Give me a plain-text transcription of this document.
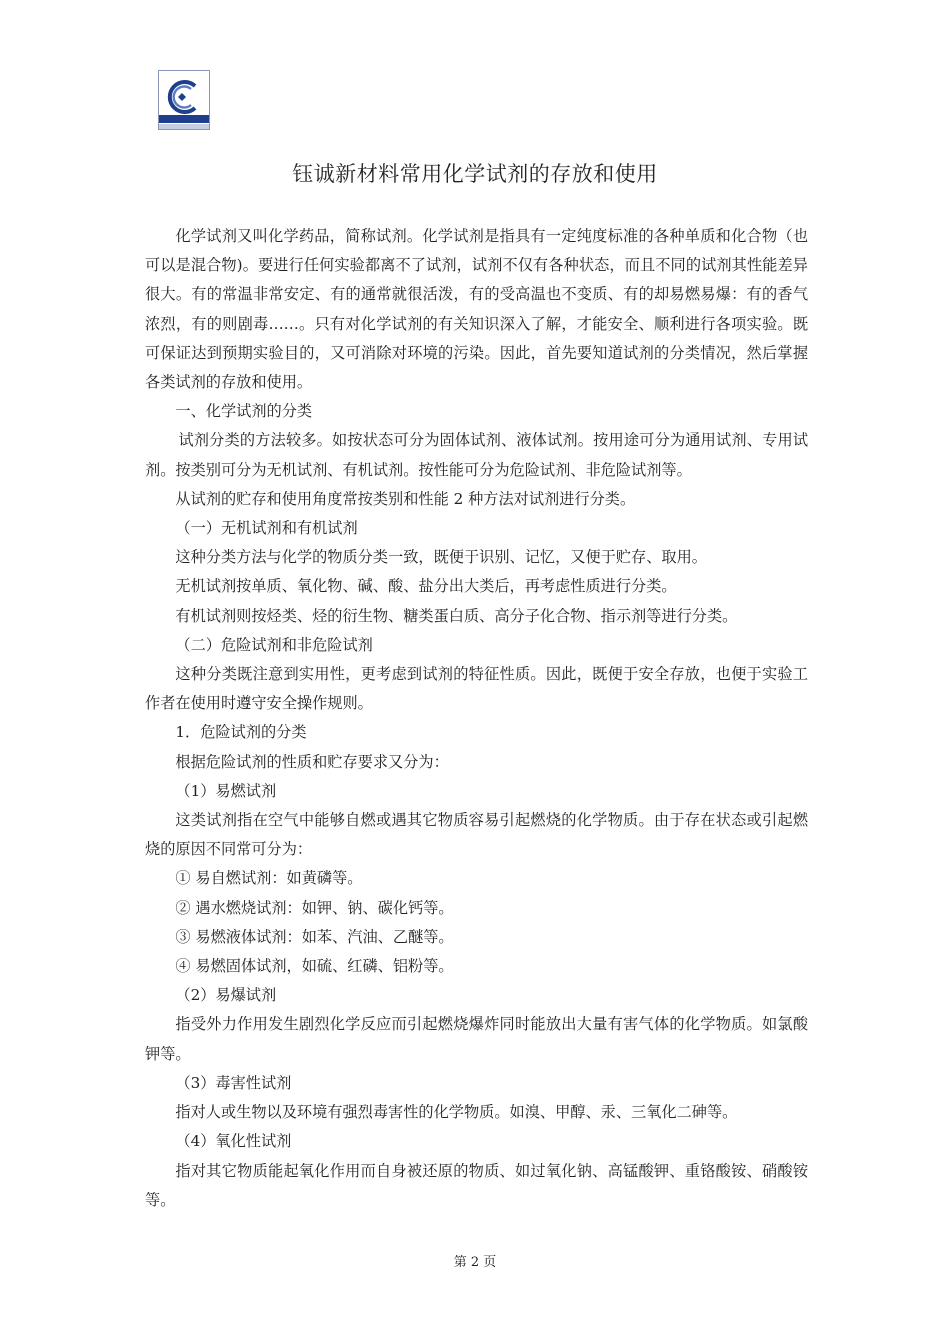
钰诚新材料常用化学试剂的存放和使用

化学试剂又叫化学药品，简称试剂。化学试剂是指具有一定纯度标准的各种单质和化合物（也可以是混合物)。要进行任何实验都离不了试剂，试剂不仅有各种状态，而且不同的试剂其性能差异很大。有的常温非常安定、有的通常就很活泼，有的受高温也不变质、有的却易燃易爆：有的香气浓烈，有的则剧毒……。只有对化学试剂的有关知识深入了解，才能安全、顺利进行各项实验。既可保证达到预期实验目的，又可消除对环境的污染。因此，首先要知道试剂的分类情况，然后掌握各类试剂的存放和使用。

一、化学试剂的分类

试剂分类的方法较多。如按状态可分为固体试剂、液体试剂。按用途可分为通用试剂、专用试剂。按类别可分为无机试剂、有机试剂。按性能可分为危险试剂、非危险试剂等。

从试剂的贮存和使用角度常按类别和性能 2 种方法对试剂进行分类。

（一）无机试剂和有机试剂

这种分类方法与化学的物质分类一致，既便于识别、记忆，又便于贮存、取用。

无机试剂按单质、氧化物、碱、酸、盐分出大类后，再考虑性质进行分类。

有机试剂则按烃类、烃的衍生物、糖类蛋白质、高分子化合物、指示剂等进行分类。

（二）危险试剂和非危险试剂

这种分类既注意到实用性，更考虑到试剂的特征性质。因此，既便于安全存放，也便于实验工作者在使用时遵守安全操作规则。

1．危险试剂的分类

根据危险试剂的性质和贮存要求又分为：

（1）易燃试剂

这类试剂指在空气中能够自燃或遇其它物质容易引起燃烧的化学物质。由于存在状态或引起燃烧的原因不同常可分为：

① 易自燃试剂：如黄磷等。

② 遇水燃烧试剂：如钾、钠、碳化钙等。

③ 易燃液体试剂：如苯、汽油、乙醚等。

④ 易燃固体试剂，如硫、红磷、铝粉等。

（2）易爆试剂

指受外力作用发生剧烈化学反应而引起燃烧爆炸同时能放出大量有害气体的化学物质。如氯酸钾等。

（3）毒害性试剂

指对人或生物以及环境有强烈毒害性的化学物质。如溴、甲醇、汞、三氧化二砷等。

（4）氧化性试剂

指对其它物质能起氧化作用而自身被还原的物质、如过氧化钠、高锰酸钾、重铬酸铵、硝酸铵等。

第 2 页
